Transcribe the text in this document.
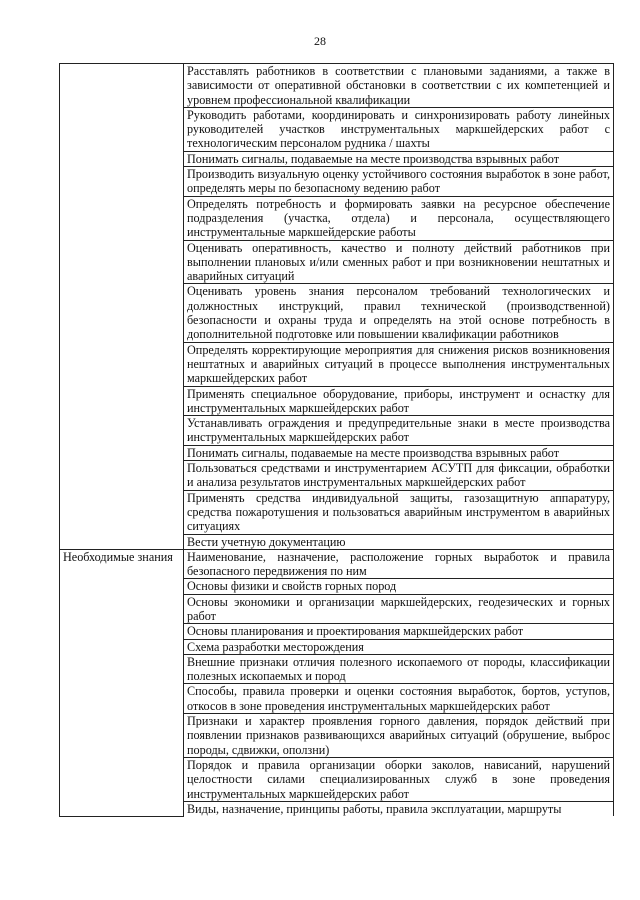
28
	Расставлять работников в соответствии с плановыми заданиями, а также в зависимости от оперативной обстановки в соответствии с их компетенцией и уровнем профессиональной квалификации
	Руководить работами, координировать и синхронизировать работу линейных руководителей участков инструментальных маркшейдерских работ с технологическим персоналом рудника / шахты
	Понимать сигналы, подаваемые на месте производства взрывных работ
	Производить визуальную оценку устойчивого состояния выработок в зоне работ, определять меры по безопасному ведению работ
	Определять потребность и формировать заявки на ресурсное обеспечение подразделения (участка, отдела) и персонала, осуществляющего инструментальные маркшейдерские работы
	Оценивать оперативность, качество и полноту действий работников при выполнении плановых и/или сменных работ и при возникновении нештатных и аварийных ситуаций
	Оценивать уровень знания персоналом требований технологических и должностных инструкций, правил технической (производственной) безопасности и охраны труда и определять на этой основе потребность в дополнительной подготовке или повышении квалификации работников
	Определять корректирующие мероприятия для снижения рисков возникновения нештатных и аварийных ситуаций в процессе выполнения инструментальных маркшейдерских работ
	Применять специальное оборудование, приборы, инструмент и оснастку для инструментальных маркшейдерских работ
	Устанавливать ограждения и предупредительные знаки в месте производства инструментальных маркшейдерских работ
	Понимать сигналы, подаваемые на месте производства взрывных работ
	Пользоваться средствами и инструментарием АСУТП для фиксации, обработки и анализа результатов инструментальных маркшейдерских работ
	Применять средства индивидуальной защиты, газозащитную аппаратуру, средства пожаротушения и пользоваться аварийным инструментом в аварийных ситуациях
	Вести учетную документацию
Необходимые знания	Наименование, назначение, расположение горных выработок и правила безопасного передвижения по ним
	Основы физики и свойств горных пород
	Основы экономики и организации маркшейдерских, геодезических и горных работ
	Основы планирования и проектирования маркшейдерских работ
	Схема разработки месторождения
	Внешние признаки отличия полезного ископаемого от породы, классификации полезных ископаемых и пород
	Способы, правила проверки и оценки состояния выработок, бортов, уступов, откосов в зоне проведения инструментальных маркшейдерских работ
	Признаки и характер проявления горного давления, порядок действий при появлении признаков развивающихся аварийных ситуаций (обрушение, выброс породы, сдвижки, оползни)
	Порядок и правила организации оборки заколов, нависаний, нарушений целостности силами специализированных служб в зоне проведения инструментальных маркшейдерских работ
	Виды, назначение, принципы работы, правила эксплуатации, маршруты
